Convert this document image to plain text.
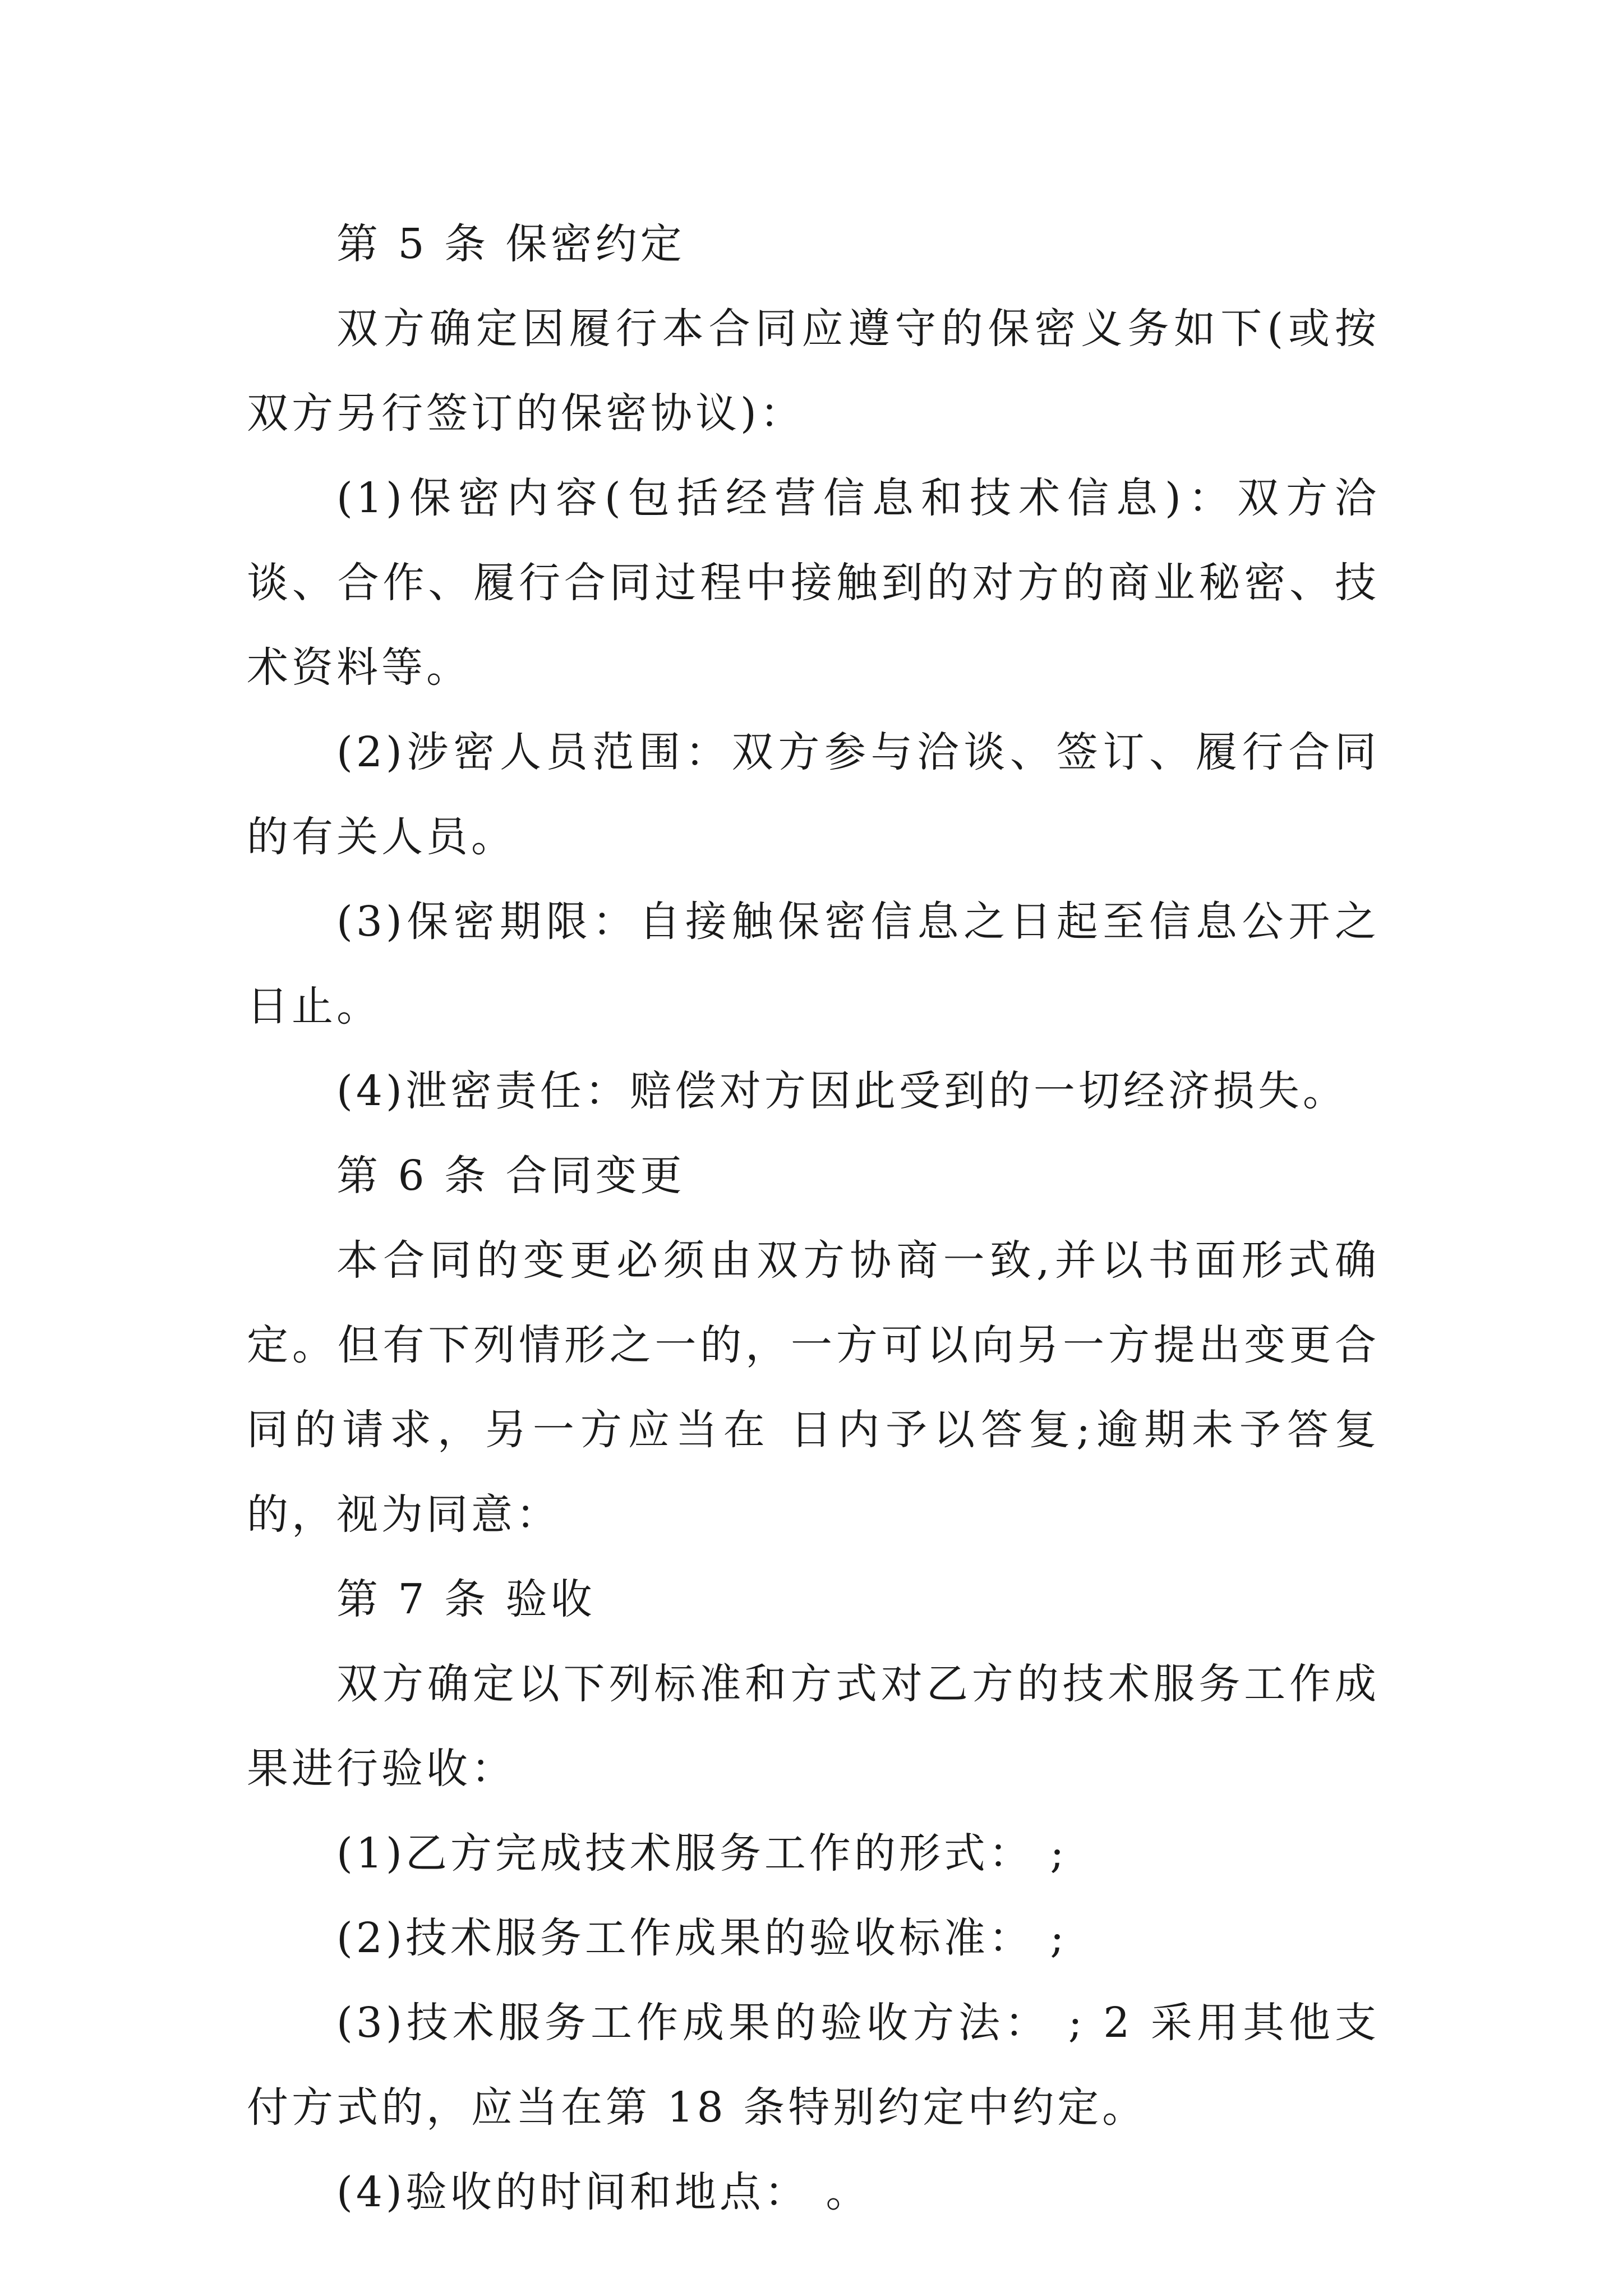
第 5 条 保密约定

双方确定因履行本合同应遵守的保密义务如下(或按双方另行签订的保密协议)：

(1)保密内容(包括经营信息和技术信息)：双方洽谈、合作、履行合同过程中接触到的对方的商业秘密、技术资料等。

(2)涉密人员范围：双方参与洽谈、签订、履行合同的有关人员。

(3)保密期限：自接触保密信息之日起至信息公开之日止。

(4)泄密责任：赔偿对方因此受到的一切经济损失。

第 6 条 合同变更

本合同的变更必须由双方协商一致,并以书面形式确定。但有下列情形之一的，一方可以向另一方提出变更合同的请求，另一方应当在 日内予以答复;逾期未予答复的，视为同意：

第 7 条 验收

双方确定以下列标准和方式对乙方的技术服务工作成果进行验收：

(1)乙方完成技术服务工作的形式： ;

(2)技术服务工作成果的验收标准： ;

(3)技术服务工作成果的验收方法： ; 2 采用其他支付方式的，应当在第 18 条特别约定中约定。

(4)验收的时间和地点： 。
